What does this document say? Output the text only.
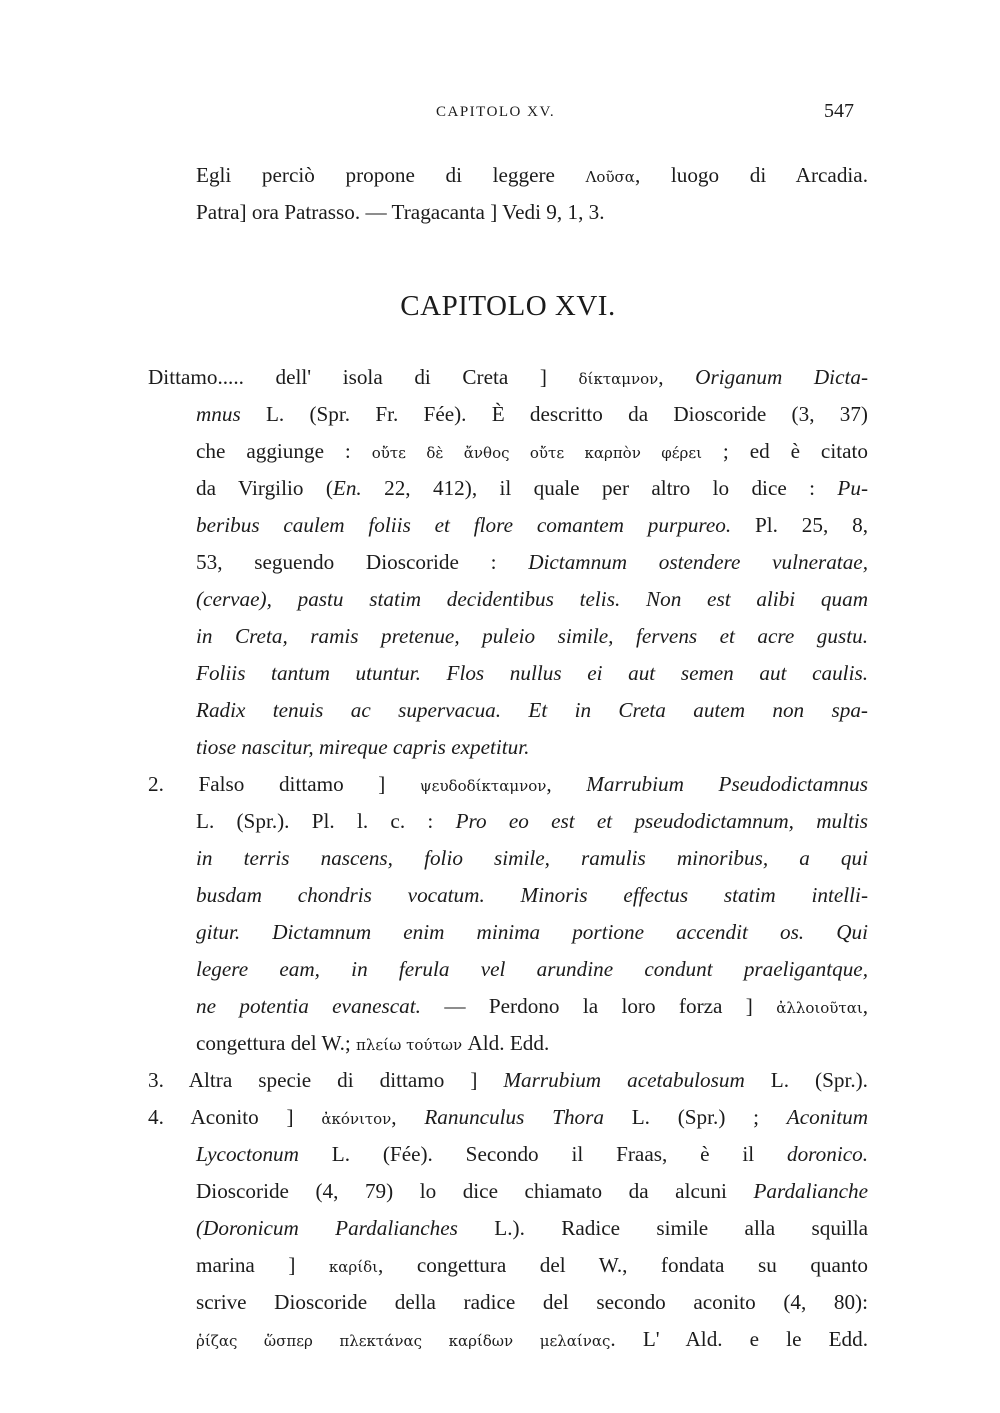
CAPITOLO XV.	547
Egli perciò propone di leggere Λοῦσα, luogo di Arcadia.
Patra] ora Patrasso. — Tragacanta ] Vedi 9, 1, 3.
CAPITOLO XVI.
Dittamo..... dell' isola di Creta ] δίκταμνον, Origanum Dicta-
mnus L. (Spr. Fr. Fée). È descritto da Dioscoride (3, 37)
che aggiunge : οὔτε δὲ ἄνθος οὔτε καρπὸν φέρει ; ed è citato
da Virgilio (En. 22, 412), il quale per altro lo dice : Pu-
beribus caulem foliis et flore comantem purpureo. Pl. 25, 8,
53, seguendo Dioscoride : Dictamnum ostendere vulneratae,
(cervae), pastu statim decidentibus telis. Non est alibi quam
in Creta, ramis pretenue, puleio simile, fervens et acre gustu.
Foliis tantum utuntur. Flos nullus ei aut semen aut caulis.
Radix tenuis ac supervacua. Et in Creta autem non spa-
tiose nascitur, mireque capris expetitur.
2. Falso dittamo ] ψευδοδίκταμνον, Marrubium Pseudodictamnus
L. (Spr.). Pl. l. c. : Pro eo est et pseudodictamnum, multis
in terris nascens, folio simile, ramulis minoribus, a qui
busdam chondris vocatum. Minoris effectus statim intelli-
gitur. Dictamnum enim minima portione accendit os. Qui
legere eam, in ferula vel arundine condunt praeligantque,
ne potentia evanescat. — Perdono la loro forza ] ἀλλοιοῦται,
congettura del W.; πλείω τούτων Ald. Edd.
3. Altra specie di dittamo ] Marrubium acetabulosum L. (Spr.).
4. Aconito ] ἀκόνιτον, Ranunculus Thora L. (Spr.) ; Aconitum
Lycoctonum L. (Fée). Secondo il Fraas, è il doronico.
Dioscoride (4, 79) lo dice chiamato da alcuni Pardalianche
(Doronicum Pardalianches L.). Radice simile alla squilla
marina ] καρίδι, congettura del W., fondata su quanto
scrive Dioscoride della radice del secondo aconito (4, 80):
ῥίζας ὥσπερ πλεκτάνας καρίδων μελαίνας. L' Ald. e le Edd.
